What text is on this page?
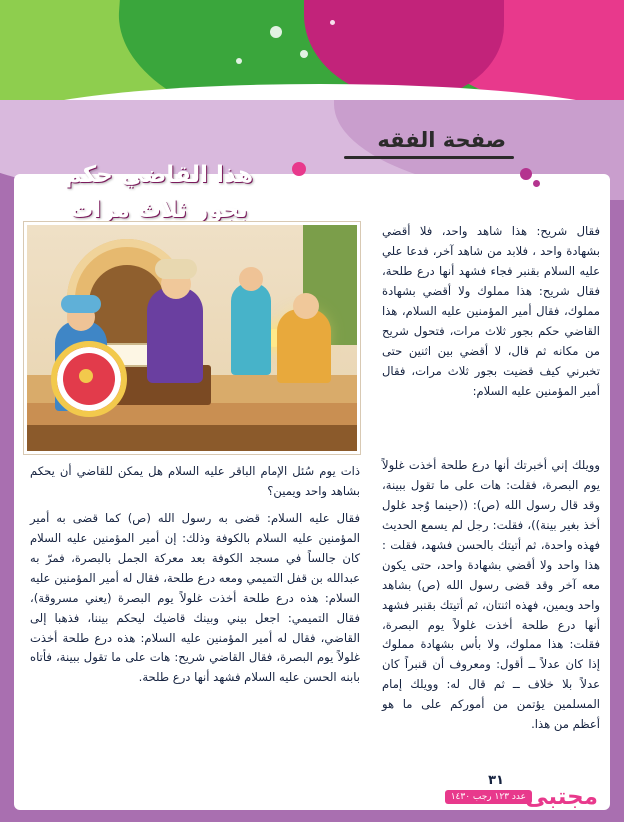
صفحة الفقه
هذا القاضي حكم
بجور ثلاث مرات

فقال شريح: هذا شاهد واحد، فلا أقضي بشهادة واحد ، فلابد من شاهد آخر، فدعا علي عليه السلام بقنبر فجاء فشهد أنها درع طلحة، فقال شريح: هذا مملوك ولا أقضي بشهادة مملوك، فقال أمير المؤمنين عليه السلام، هذا القاضي حكم بجور ثلاث مرات، فتحول شريح من مكانه ثم قال، لا أقضي بين اثنين حتى تخبرني كيف قضيت بجور ثلاث مرات، فقال أمير المؤمنين عليه السلام:

وويلك إني أخبرتك أنها درع طلحة أخذت غلولاً يوم البصرة، فقلت: هات على ما تقول ببينة، وقد قال رسول الله (ص): ((حينما وُجد غلول أخذ بغير بينة))، فقلت: رجل لم يسمع الحديث فهذه واحدة، ثم أتيتك بالحسن فشهد، فقلت : هذا واحد ولا أقضي بشهادة واحد، حتى يكون معه آخر وقد قضى رسول الله (ص) بشاهد واحد ويمين، فهذه اثنتان، ثم أتيتك بقنبر فشهد أنها درع طلحة أخذت غلولاً يوم البصرة، فقلت: هذا مملوك، ولا بأس بشهادة مملوك إذا كان عدلاً ــ أقول: ومعروف أن قنبراً كان عدلاً بلا خلاف ــ ثم قال له: وويلك إمام المسلمين يؤتمن من أموركم على ما هو أعظم من هذا.

ذات يوم سُئل الإمام الباقر عليه السلام هل يمكن للقاضي أن يحكم بشاهد واحد ويمين؟

فقال عليه السلام: قضى به رسول الله (ص) كما قضى به أمير المؤمنين عليه السلام بالكوفة وذلك: إن أمير المؤمنين عليه السلام كان جالساً في مسجد الكوفة بعد معركة الجمل بالبصرة، فمرّ به عبدالله بن قفل التميمي ومعه درع طلحة، فقال له أمير المؤمنين عليه السلام: هذه درع طلحة أخذت غلولاً يوم البصرة (يعني مسروقة)، فقال التميمي: اجعل بيني وبينك قاضيك ليحكم بيننا، فذهبا إلى القاضي، فقال له أمير المؤمنين عليه السلام: هذه درع طلحة أخذت غلولاً يوم البصرة، فقال القاضي شريح: هات على ما تقول ببينة، فأتاه بابنه الحسن عليه السلام فشهد أنها درع طلحة.

٣١
عدد ١٢٣ رجب ١٤٣٠ مجتبى
